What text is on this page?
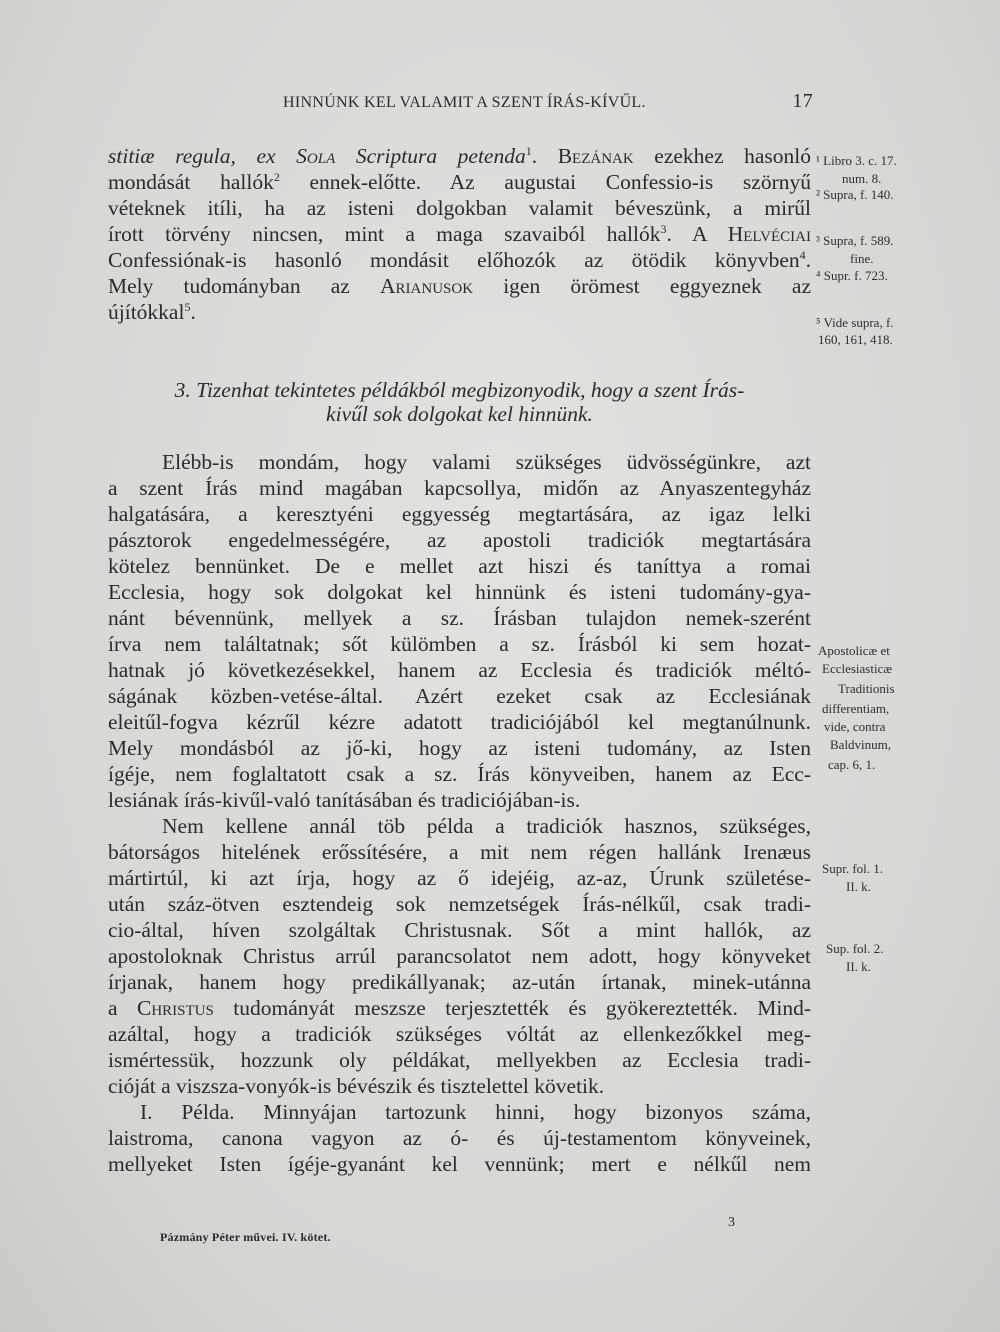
HINNÚNK KEL VALAMIT A SZENT ÍRÁS-KÍVŰL.	17
stitiæ regula, ex Sola Scriptura petenda$^1$. Bezának ezekhez hasonló
mondását hallók$^2$ ennek-előtte. Az augustai Confessio-is szörnyű
véteknek itíli, ha az isteni dolgokban valamit béveszünk, a mirűl
írott törvény nincsen, mint a maga szavaiból hallók$^3$. A Helvéciai
Confessiónak-is hasonló mondásit előhozók az ötödik könyvben$^4$.
Mely tudományban az Arianusok igen örömest eggyeznek az
újítókkal$^5$.
3. Tizenhat tekintetes példákból megbizonyodik, hogy a szent Írás-
kivűl sok dolgokat kel hinnünk.
Elébb-is mondám, hogy valami szükséges üdvösségünkre, azt
a szent Írás mind magában kapcsollya, midőn az Anyaszentegyház
halgatására, a keresztyéni eggyesség megtartására, az igaz lelki
pásztorok engedelmességére, az apostoli tradiciók megtartására
kötelez bennünket. De e mellet azt hiszi és taníttya a romai
Ecclesia, hogy sok dolgokat kel hinnünk és isteni tudomány-gya-
nánt bévennünk, mellyek a sz. Írásban tulajdon nemek-szerént
írva nem találtatnak; sőt külömben a sz. Írásból ki sem hozat-
hatnak jó következésekkel, hanem az Ecclesia és tradiciók méltó-
ságának közben-vetése-által. Azért ezeket csak az Ecclesiának
eleitűl-fogva kézrűl kézre adatott tradiciójából kel megtanúlnunk.
Mely mondásból az jő-ki, hogy az isteni tudomány, az Isten
ígéje, nem foglaltatott csak a sz. Írás könyveiben, hanem az Ecc-
lesiának írás-kivűl-való tanításában és tradiciójában-is.
Nem kellene annál töb példa a tradiciók hasznos, szükséges,
bátorságos hitelének erőssítésére, a mit nem régen hallánk Irenæus
mártirtúl, ki azt írja, hogy az ő idejéig, az-az, Úrunk születése-
után száz-ötven esztendeig sok nemzetségek Írás-nélkűl, csak tradi-
cio-által, híven szolgáltak Christusnak. Sőt a mint hallók, az
apostoloknak Christus arrúl parancsolatot nem adott, hogy könyveket
írjanak, hanem hogy predikállyanak; az-után írtanak, minek-utánna
a Christus tudományát meszsze terjesztették és gyökereztették. Mind-
azáltal, hogy a tradiciók szükséges vóltát az ellenkezőkkel meg-
ismértessük, hozzunk oly példákat, mellyekben az Ecclesia tradi-
cióját a viszsza-vonyók-is bévészik és tisztelettel követik.
I. Példa. Minnyájan tartozunk hinni, hogy bizonyos száma,
laistroma, canona vagyon az ó- és új-testamentom könyveinek,
mellyeket Isten ígéje-gyanánt kel vennünk; mert e nélkűl nem
¹ Libro 3. c. 17.
num. 8.
² Supra, f. 140.
³ Supra, f. 589.
fine.
⁴ Supr. f. 723.
⁵ Vide supra, f.
160, 161, 418.
Apostolicæ et
Ecclesiasticæ
Traditionis
differentiam,
vide, contra
Baldvinum,
cap. 6, 1.
Supr. fol. 1.
II. k.
Sup. fol. 2.
II. k.
Pázmány Péter művei. IV. kötet.
3
